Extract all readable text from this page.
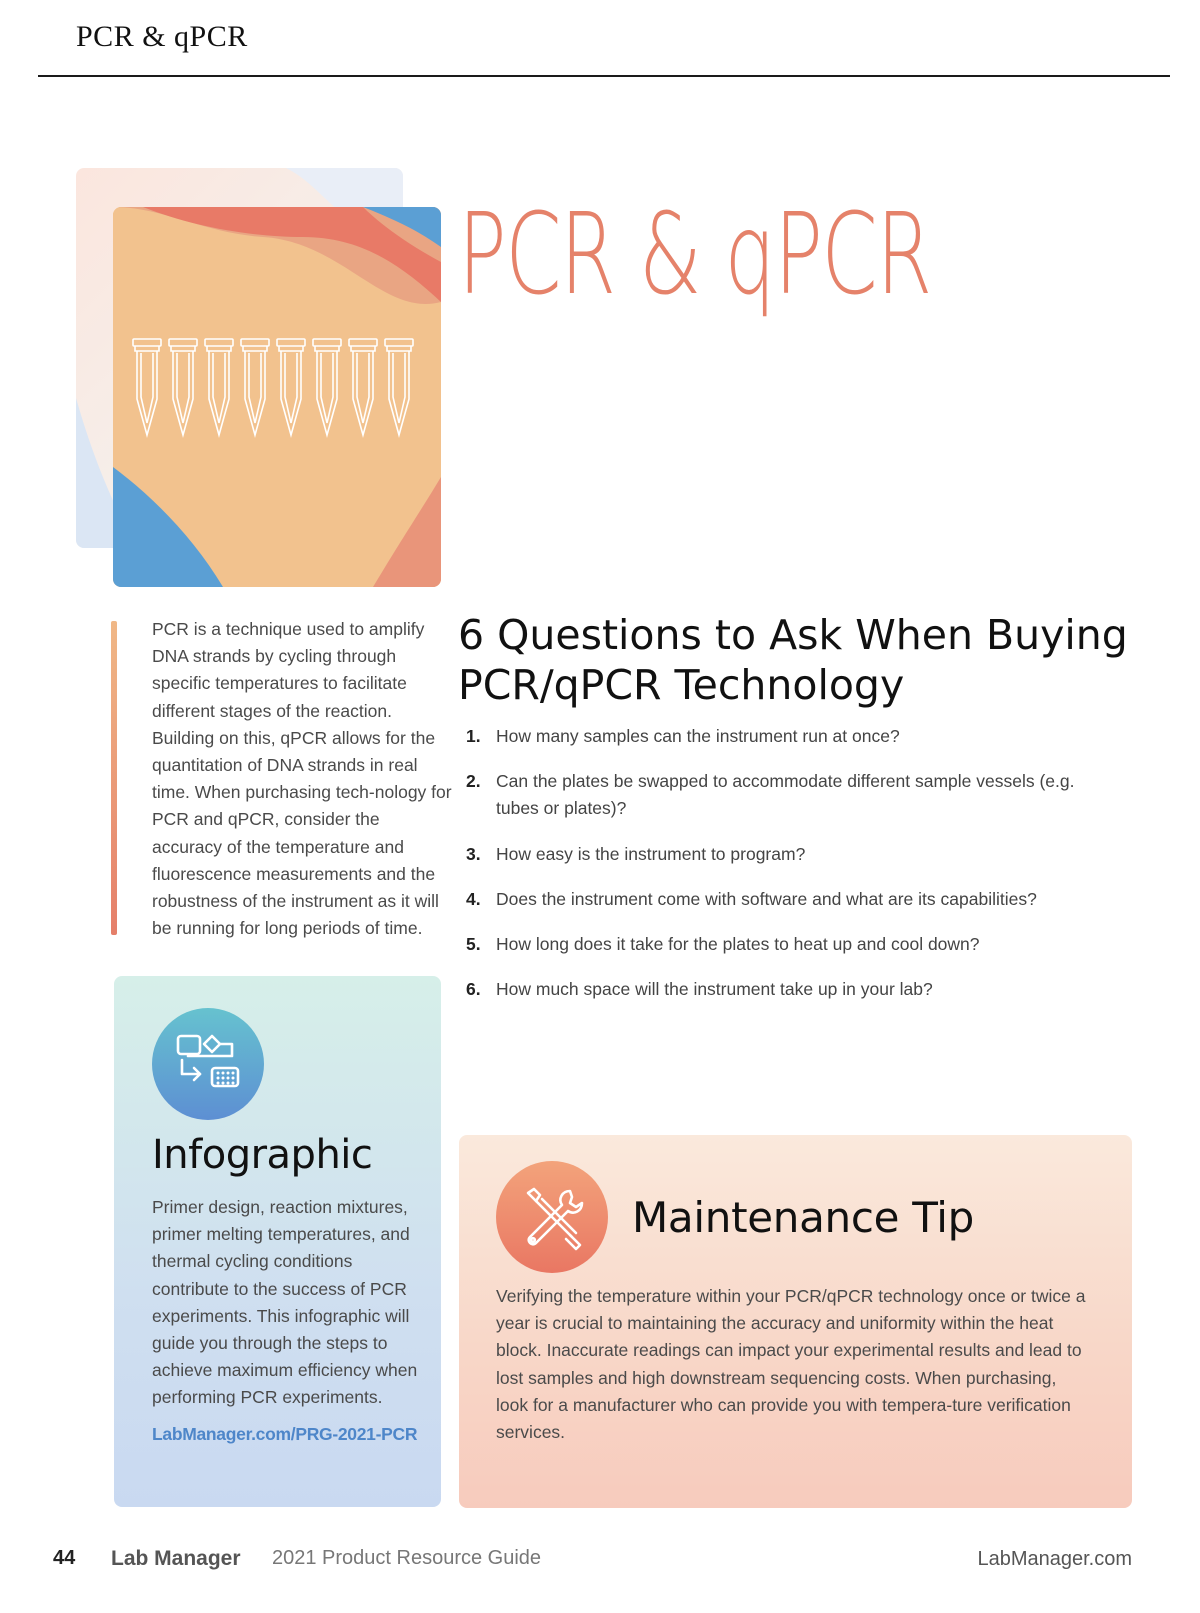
PCR & qPCR
PCR & qPCR
PCR is a technique used to amplify DNA strands by cycling through specific temperatures to facilitate different stages of the reaction. Building on this, qPCR allows for the quantitation of DNA strands in real time. When purchasing tech-nology for PCR and qPCR, consider the accuracy of the temperature and fluorescence measurements and the robustness of the instrument as it will be running for long periods of time.
6 Questions to Ask When Buying PCR/qPCR Technology
1. How many samples can the instrument run at once?
2. Can the plates be swapped to accommodate different sample vessels (e.g. tubes or plates)?
3. How easy is the instrument to program?
4. Does the instrument come with software and what are its capabilities?
5. How long does it take for the plates to heat up and cool down?
6. How much space will the instrument take up in your lab?
Infographic
Primer design, reaction mixtures, primer melting temperatures, and thermal cycling conditions contribute to the success of PCR experiments. This infographic will guide you through the steps to achieve maximum efficiency when performing PCR experiments.
LabManager.com/PRG-2021-PCR
Maintenance Tip
Verifying the temperature within your PCR/qPCR technology once or twice a year is crucial to maintaining the accuracy and uniformity within the heat block. Inaccurate readings can impact your experimental results and lead to lost samples and high downstream sequencing costs. When purchasing, look for a manufacturer who can provide you with tempera-ture verification services.
44 Lab Manager 2021 Product Resource Guide	LabManager.com
